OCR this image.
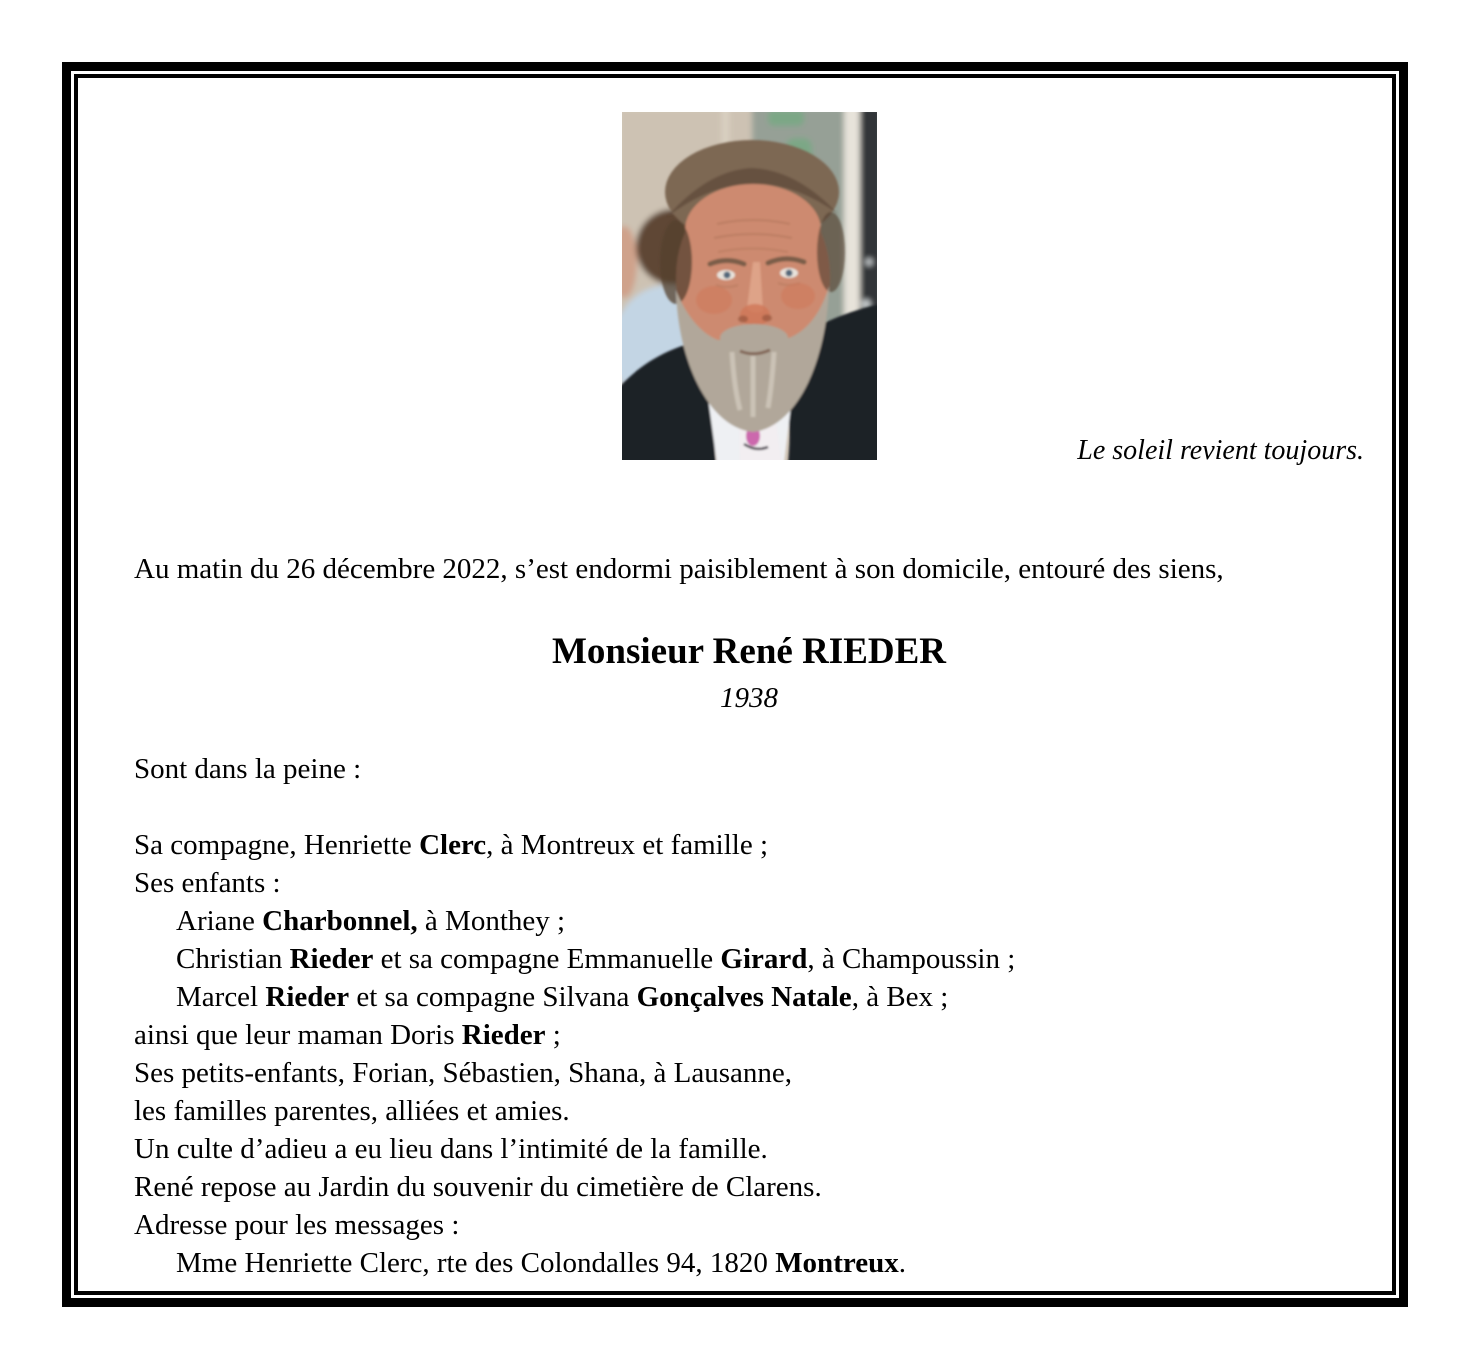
Le soleil revient toujours.

Au matin du 26 décembre 2022, s’est endormi paisiblement à son domicile, entouré des siens,

Monsieur René RIEDER
1938

Sont dans la peine :

Sa compagne, Henriette Clerc, à Montreux et famille ;

Ses enfants :

Ariane Charbonnel, à Monthey ;

Christian Rieder et sa compagne Emmanuelle Girard, à Champoussin ;

Marcel Rieder et sa compagne Silvana Gonçalves Natale, à Bex ;

ainsi que leur maman Doris Rieder ;

Ses petits-enfants, Forian, Sébastien, Shana, à Lausanne,

les familles parentes, alliées et amies.

Un culte d’adieu a eu lieu dans l’intimité de la famille.

René repose au Jardin du souvenir du cimetière de Clarens.

Adresse pour les messages :

Mme Henriette Clerc, rte des Colondalles 94, 1820 Montreux.
